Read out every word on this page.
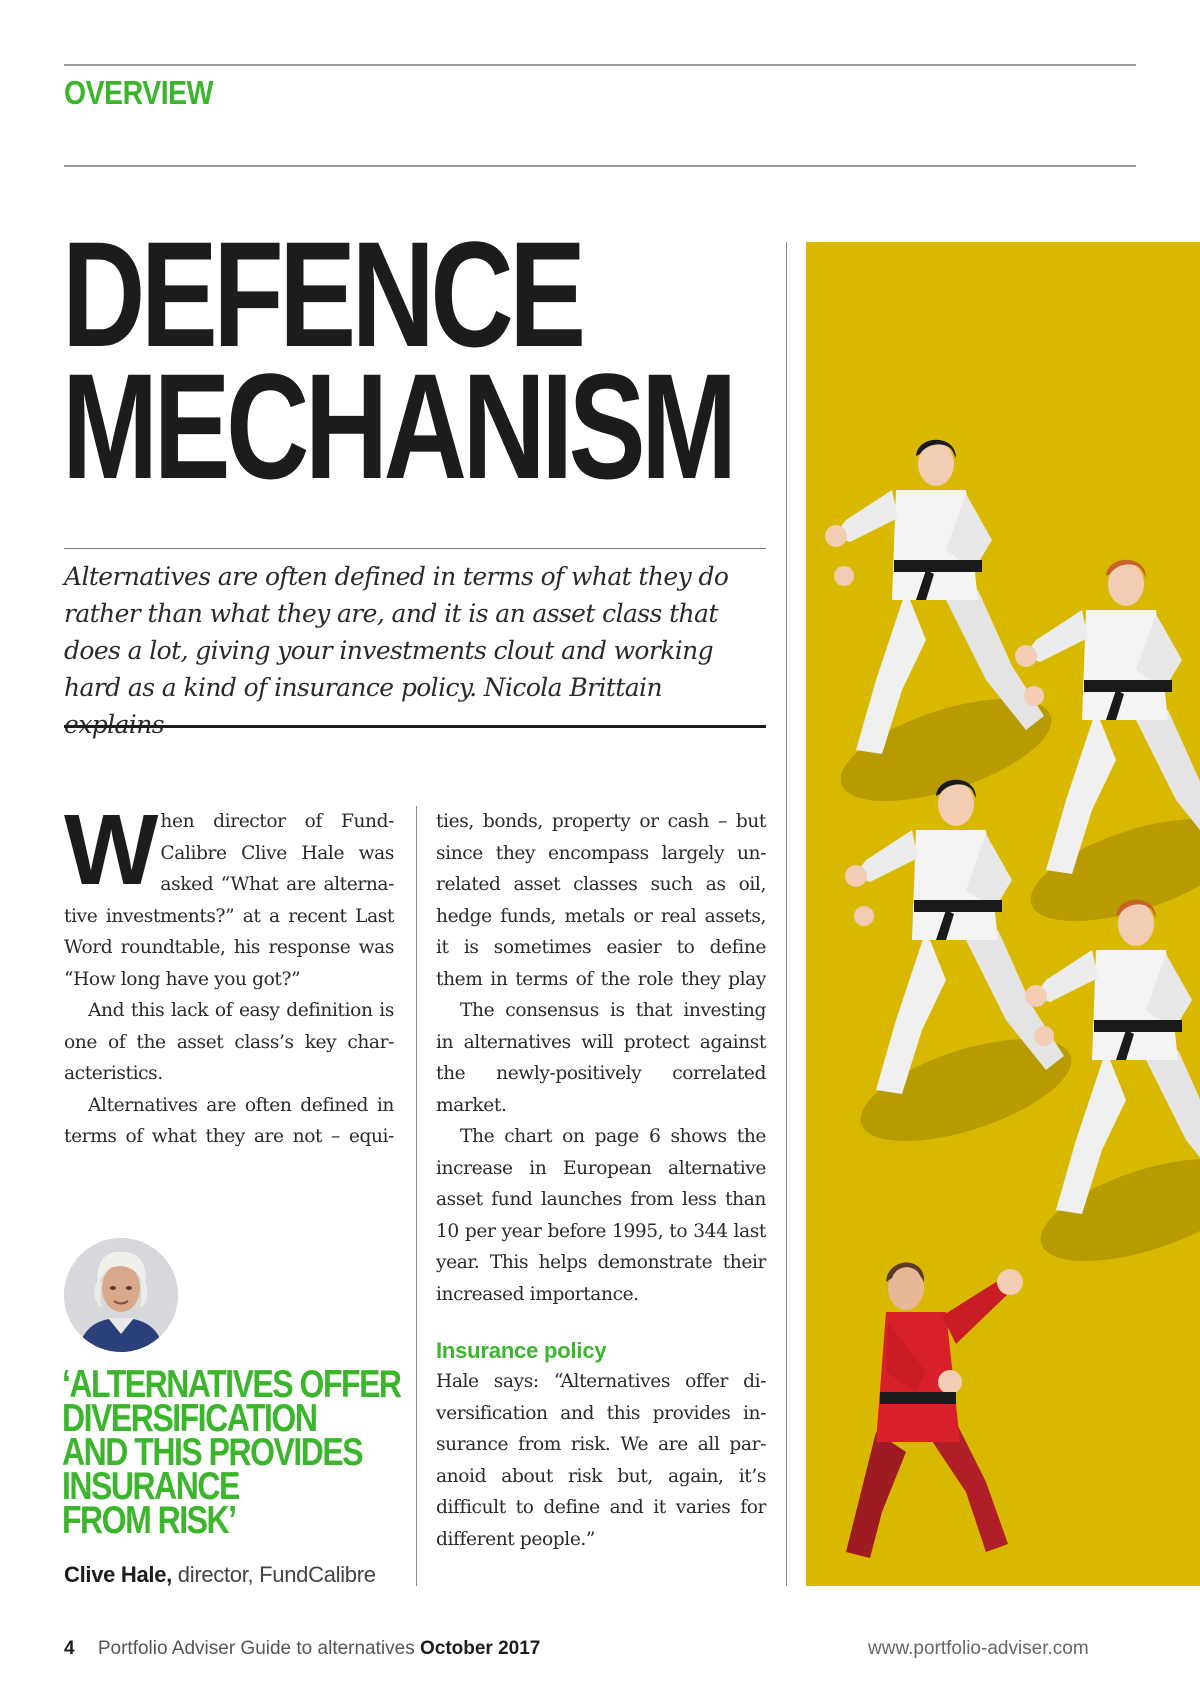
OVERVIEW
DEFENCE
MECHANISM
Alternatives are often defined in terms of what they do rather than what they are, and it is an asset class that does a lot, giving your investments clout and working hard as a kind of insurance policy. Nicola Brittain explains

When director of Fund-Calibre Clive Hale was asked “What are alterna-tive investments?” at a recent Last Word roundtable, his response was “How long have you got?”

And this lack of easy definition is one of the asset class’s key char-acteristics.

Alternatives are often defined in terms of what they are not – equi-

ties, bonds, property or cash – but since they encompass largely un-related asset classes such as oil, hedge funds, metals or real assets, it is sometimes easier to define them in terms of the role they play

The consensus is that investing in alternatives will protect against the newly-positively correlated market.

The chart on page 6 shows the increase in European alternative asset fund launches from less than 10 per year before 1995, to 344 last year. This helps demonstrate their increased importance.

Insurance policy

Hale says: “Alternatives offer di-versification and this provides in-surance from risk. We are all par-anoid about risk but, again, it’s difficult to define and it varies for different people.”

‘ALTERNATIVES OFFER
DIVERSIFICATION
AND THIS PROVIDES
INSURANCE
FROM RISK’
Clive Hale, director, FundCalibre
4 Portfolio Adviser Guide to alternatives October 2017	www.portfolio-adviser.com
